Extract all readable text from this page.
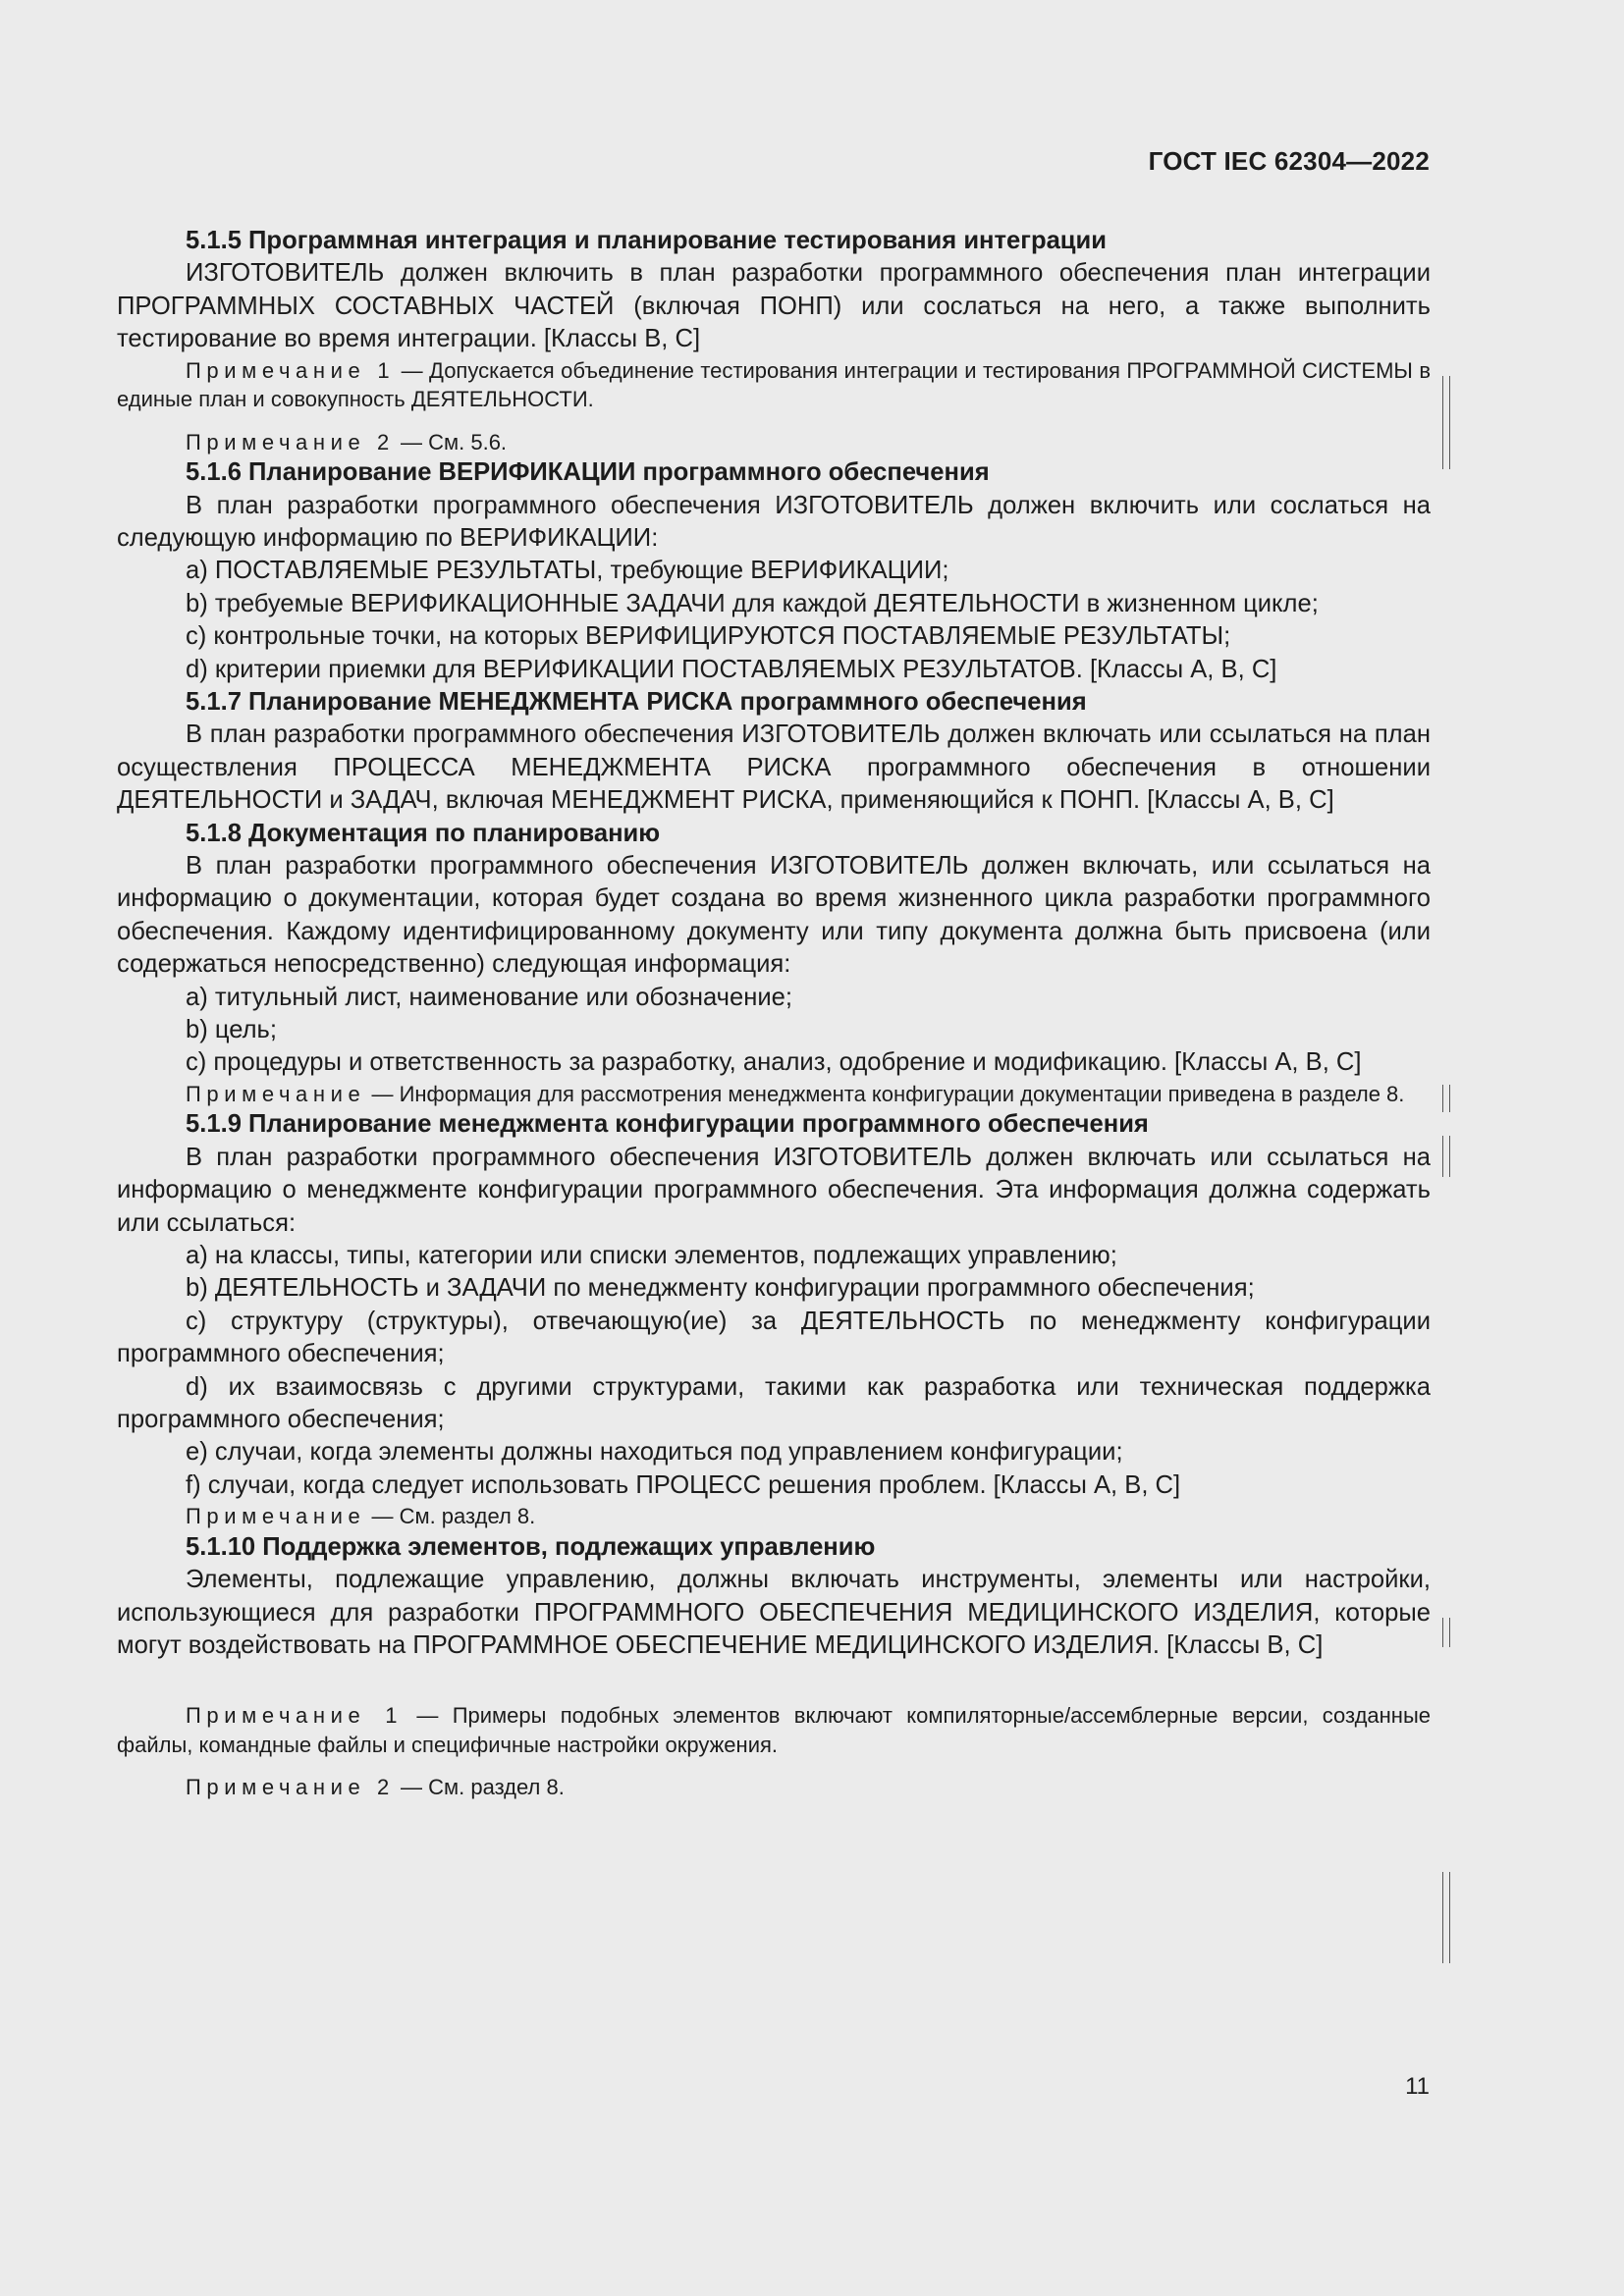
ГОСТ IEC 62304—2022

5.1.5 Программная интеграция и планирование тестирования интеграции

ИЗГОТОВИТЕЛЬ должен включить в план разработки программного обеспечения план интеграции ПРОГРАММНЫХ СОСТАВНЫХ ЧАСТЕЙ (включая ПОНП) или сослаться на него, а также выполнить тестирование во время интеграции. [Классы В, С]

Примечание 1 — Допускается объединение тестирования интеграции и тестирования ПРОГРАММНОЙ СИСТЕМЫ в единые план и совокупность ДЕЯТЕЛЬНОСТИ.

Примечание 2 — См. 5.6.

5.1.6 Планирование ВЕРИФИКАЦИИ программного обеспечения

В план разработки программного обеспечения ИЗГОТОВИТЕЛЬ должен включить или сослаться на следующую информацию по ВЕРИФИКАЦИИ:

a) ПОСТАВЛЯЕМЫЕ РЕЗУЛЬТАТЫ, требующие ВЕРИФИКАЦИИ;

b) требуемые ВЕРИФИКАЦИОННЫЕ ЗАДАЧИ для каждой ДЕЯТЕЛЬНОСТИ в жизненном цикле;

c) контрольные точки, на которых ВЕРИФИЦИРУЮТСЯ ПОСТАВЛЯЕМЫЕ РЕЗУЛЬТАТЫ;

d) критерии приемки для ВЕРИФИКАЦИИ ПОСТАВЛЯЕМЫХ РЕЗУЛЬТАТОВ. [Классы А, В, С]

5.1.7 Планирование МЕНЕДЖМЕНТА РИСКА программного обеспечения

В план разработки программного обеспечения ИЗГОТОВИТЕЛЬ должен включать или ссылаться на план осуществления ПРОЦЕССА МЕНЕДЖМЕНТА РИСКА программного обеспечения в отношении ДЕЯТЕЛЬНОСТИ и ЗАДАЧ, включая МЕНЕДЖМЕНТ РИСКА, применяющийся к ПОНП. [Классы А, В, С]

5.1.8 Документация по планированию

В план разработки программного обеспечения ИЗГОТОВИТЕЛЬ должен включать, или ссылаться на информацию о документации, которая будет создана во время жизненного цикла разработки программного обеспечения. Каждому идентифицированному документу или типу документа должна быть присвоена (или содержаться непосредственно) следующая информация:

a) титульный лист, наименование или обозначение;

b) цель;

c) процедуры и ответственность за разработку, анализ, одобрение и модификацию. [Классы А, В, С]

Примечание — Информация для рассмотрения менеджмента конфигурации документации приведена в разделе 8.

5.1.9 Планирование менеджмента конфигурации программного обеспечения

В план разработки программного обеспечения ИЗГОТОВИТЕЛЬ должен включать или ссылаться на информацию о менеджменте конфигурации программного обеспечения. Эта информация должна содержать или ссылаться:

a) на классы, типы, категории или списки элементов, подлежащих управлению;

b) ДЕЯТЕЛЬНОСТЬ и ЗАДАЧИ по менеджменту конфигурации программного обеспечения;

c) структуру (структуры), отвечающую(ие) за ДЕЯТЕЛЬНОСТЬ по менеджменту конфигурации программного обеспечения;

d) их взаимосвязь с другими структурами, такими как разработка или техническая поддержка программного обеспечения;

e) случаи, когда элементы должны находиться под управлением конфигурации;

f) случаи, когда следует использовать ПРОЦЕСС решения проблем. [Классы А, В, С]

Примечание — См. раздел 8.

5.1.10 Поддержка элементов, подлежащих управлению

Элементы, подлежащие управлению, должны включать инструменты, элементы или настройки, использующиеся для разработки ПРОГРАММНОГО ОБЕСПЕЧЕНИЯ МЕДИЦИНСКОГО ИЗДЕЛИЯ, которые могут воздействовать на ПРОГРАММНОЕ ОБЕСПЕЧЕНИЕ МЕДИЦИНСКОГО ИЗДЕЛИЯ. [Классы В, С]

Примечание 1 — Примеры подобных элементов включают компиляторные/ассемблерные версии, созданные файлы, командные файлы и специфичные настройки окружения.

Примечание 2 — См. раздел 8.

11
